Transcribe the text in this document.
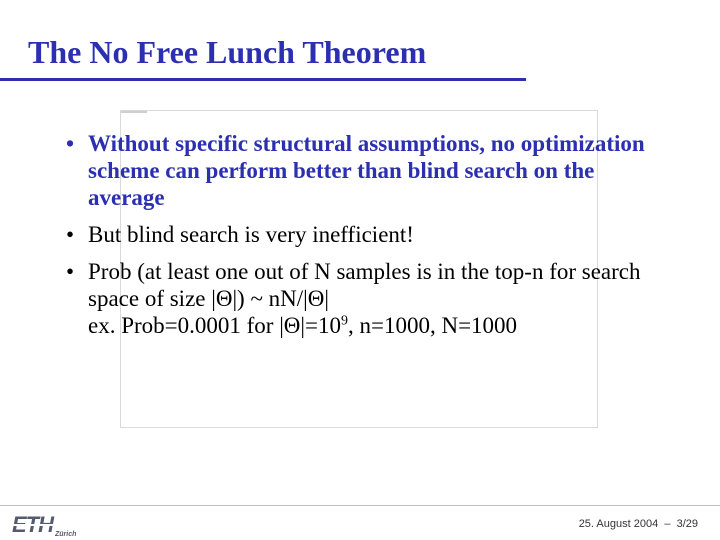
The No Free Lunch Theorem
• Without specific structural assumptions, no optimization scheme can perform better than blind search on the average
• But blind search is very inefficient!
• Prob (at least one out of N samples is in the top-n for search space of size |Θ|) ~ nN/|Θ|
ex. Prob=0.0001 for $|\Theta|=10^9$, n=1000, N=1000
ETH Zürich
25. August 2004 – 3/29
